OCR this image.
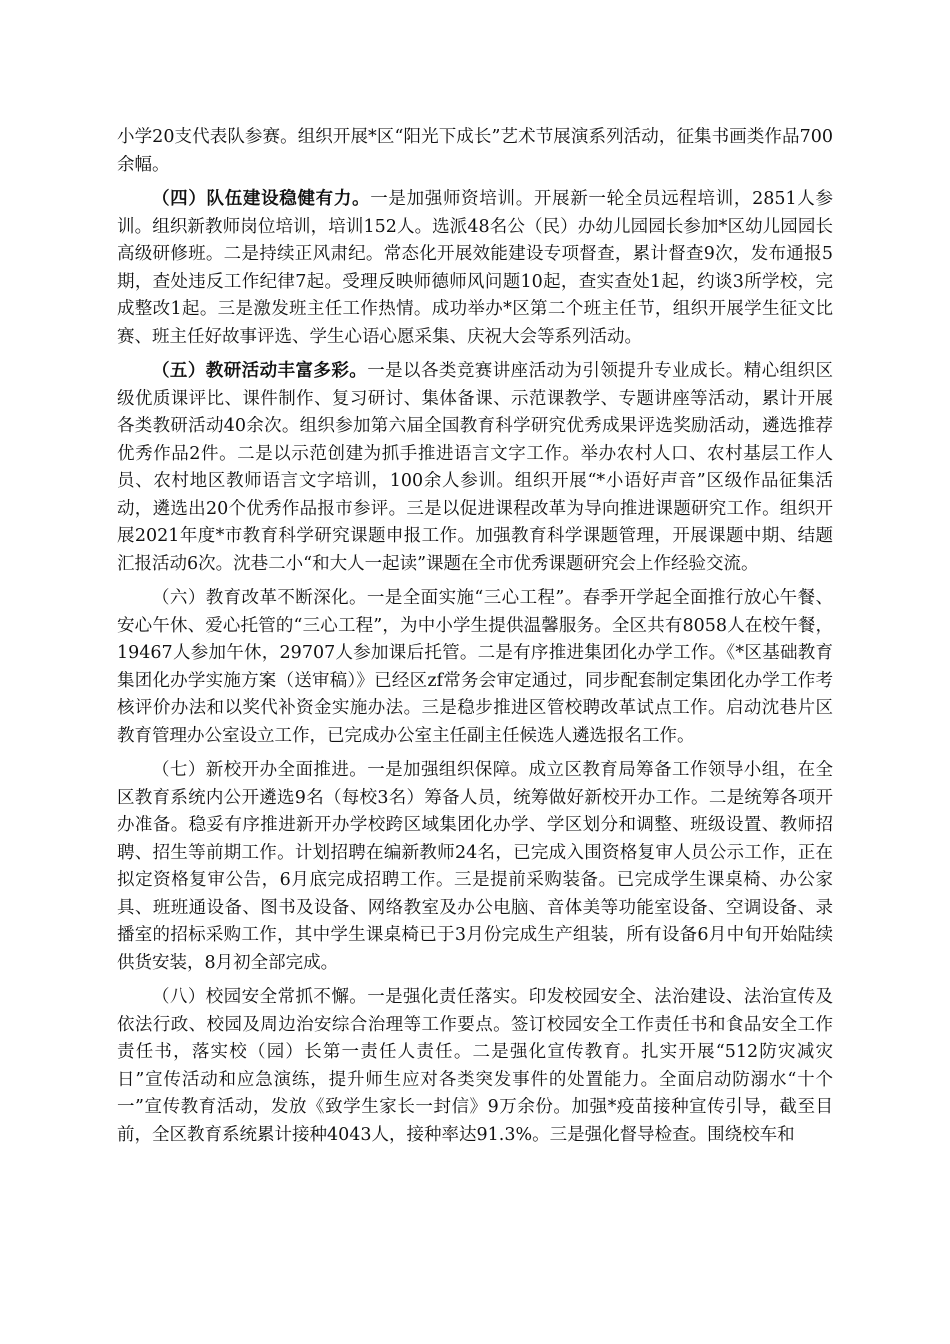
小学20支代表队参赛。组织开展*区“阳光下成长”艺术节展演系列活动，征集书画类作品700余幅。

（四）队伍建设稳健有力。一是加强师资培训。开展新一轮全员远程培训，2851人参训。组织新教师岗位培训，培训152人。选派48名公（民）办幼儿园园长参加*区幼儿园园长高级研修班。二是持续正风肃纪。常态化开展效能建设专项督查，累计督查9次，发布通报5期，查处违反工作纪律7起。受理反映师德师风问题10起，查实查处1起，约谈3所学校，完成整改1起。三是激发班主任工作热情。成功举办*区第二个班主任节，组织开展学生征文比赛、班主任好故事评选、学生心语心愿采集、庆祝大会等系列活动。

（五）教研活动丰富多彩。一是以各类竞赛讲座活动为引领提升专业成长。精心组织区级优质课评比、课件制作、复习研讨、集体备课、示范课教学、专题讲座等活动，累计开展各类教研活动40余次。组织参加第六届全国教育科学研究优秀成果评选奖励活动，遴选推荐优秀作品2件。二是以示范创建为抓手推进语言文字工作。举办农村人口、农村基层工作人员、农村地区教师语言文字培训，100余人参训。组织开展“*小语好声音”区级作品征集活动，遴选出20个优秀作品报市参评。三是以促进课程改革为导向推进课题研究工作。组织开展2021年度*市教育科学研究课题申报工作。加强教育科学课题管理，开展课题中期、结题汇报活动6次。沈巷二小“和大人一起读”课题在全市优秀课题研究会上作经验交流。

（六）教育改革不断深化。一是全面实施“三心工程”。春季开学起全面推行放心午餐、安心午休、爱心托管的“三心工程”，为中小学生提供温馨服务。全区共有8058人在校午餐，19467人参加午休，29707人参加课后托管。二是有序推进集团化办学工作。《*区基础教育集团化办学实施方案（送审稿）》已经区zf常务会审定通过，同步配套制定集团化办学工作考核评价办法和以奖代补资金实施办法。三是稳步推进区管校聘改革试点工作。启动沈巷片区教育管理办公室设立工作，已完成办公室主任副主任候选人遴选报名工作。

（七）新校开办全面推进。一是加强组织保障。成立区教育局筹备工作领导小组，在全区教育系统内公开遴选9名（每校3名）筹备人员，统筹做好新校开办工作。二是统筹各项开办准备。稳妥有序推进新开办学校跨区域集团化办学、学区划分和调整、班级设置、教师招聘、招生等前期工作。计划招聘在编新教师24名，已完成入围资格复审人员公示工作，正在拟定资格复审公告，6月底完成招聘工作。三是提前采购装备。已完成学生课桌椅、办公家具、班班通设备、图书及设备、网络教室及办公电脑、音体美等功能室设备、空调设备、录播室的招标采购工作，其中学生课桌椅已于3月份完成生产组装，所有设备6月中旬开始陆续供货安装，8月初全部完成。

（八）校园安全常抓不懈。一是强化责任落实。印发校园安全、法治建设、法治宣传及依法行政、校园及周边治安综合治理等工作要点。签订校园安全工作责任书和食品安全工作责任书，落实校（园）长第一责任人责任。二是强化宣传教育。扎实开展“512防灾减灾日”宣传活动和应急演练，提升师生应对各类突发事件的处置能力。全面启动防溺水“十个一”宣传教育活动，发放《致学生家长一封信》9万余份。加强*疫苗接种宣传引导，截至目前，全区教育系统累计接种4043人，接种率达91.3%。三是强化督导检查。围绕校车和
